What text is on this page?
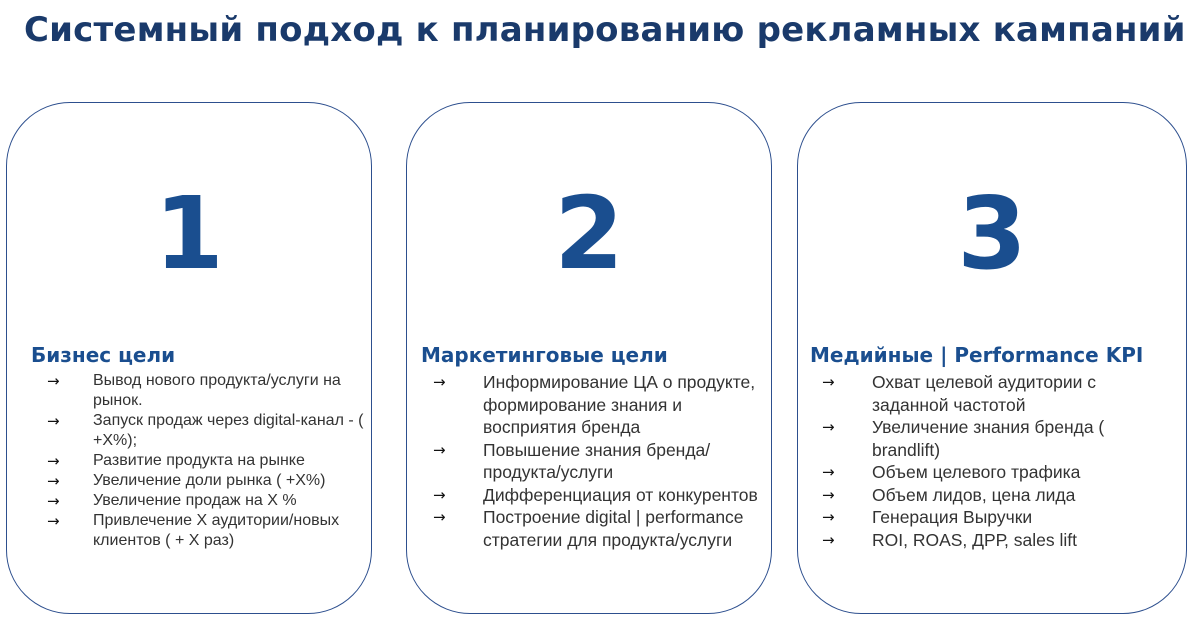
Системный подход к планированию рекламных кампаний
1
Бизнес цели
→ Вывод нового продукта/услуги на рынок.
→ Запуск продаж через digital-канал - ( +Х%);
→ Развитие продукта на рынке
→ Увеличение доли рынка ( +Х%)
→ Увеличение продаж на Х %
→ Привлечение Х аудитории/новых клиентов ( + Х раз)
2
Маркетинговые цели
→ Информирование ЦА о продукте, формирование знания и восприятия бренда
→ Повышение знания бренда/продукта/услуги
→ Дифференциация от конкурентов
→ Построение digital | performance стратегии для продукта/услуги
3
Медийные | Performance KPI
→ Охват целевой аудитории с заданной частотой
→ Увеличение знания бренда ( brandlift)
→ Объем целевого трафика
→ Объем лидов, цена лида
→ Генерация Выручки
→ ROI, ROAS, ДРР, sales lift
